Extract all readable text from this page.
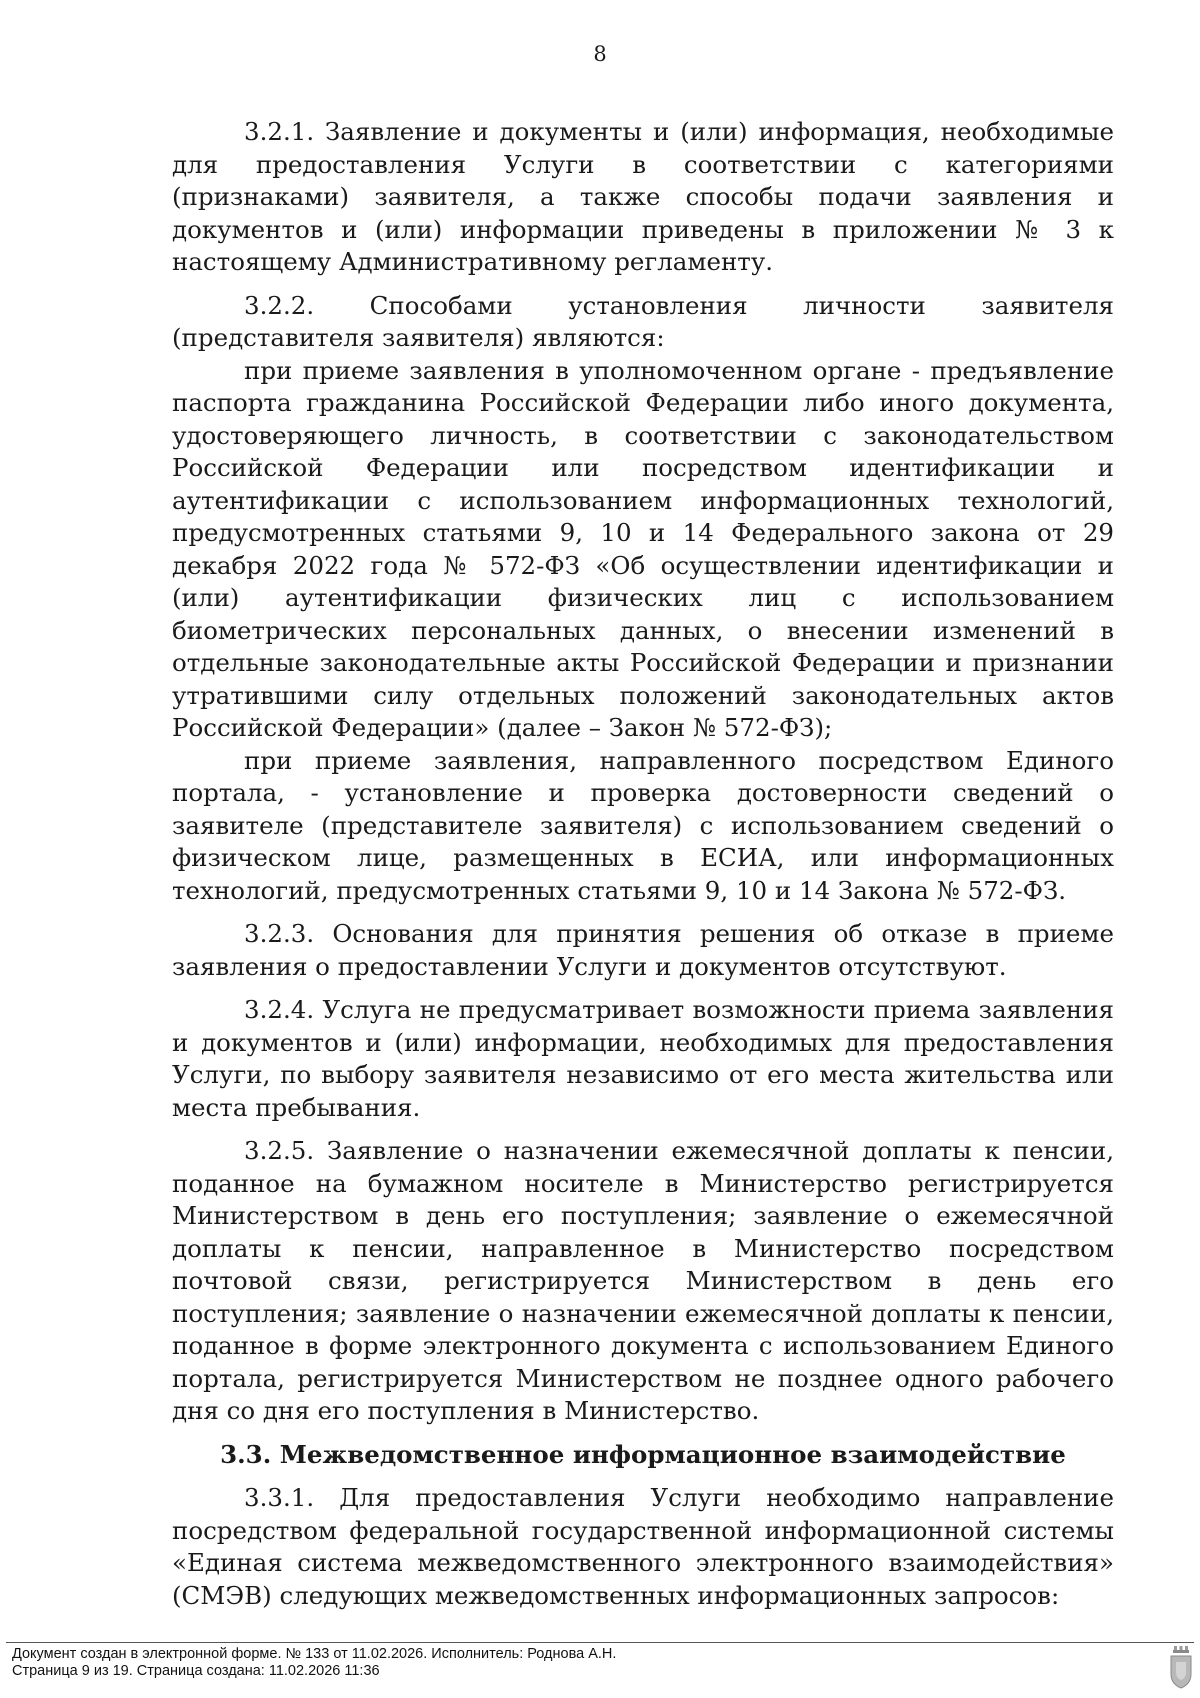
8

3.2.1. Заявление и документы и (или) информация, необходимые для предоставления Услуги в соответствии с категориями (признаками) заявителя, а также способы подачи заявления и документов и (или) информации приведены в приложении № 3 к настоящему Административному регламенту.

3.2.2. Способами установления личности заявителя (представителя заявителя) являются:

при приеме заявления в уполномоченном органе - предъявление паспорта гражданина Российской Федерации либо иного документа, удостоверяющего личность, в соответствии с законодательством Российской Федерации или посредством идентификации и аутентификации с использованием информационных технологий, предусмотренных статьями 9, 10 и 14 Федерального закона от 29 декабря 2022 года № 572-ФЗ «Об осуществлении идентификации и (или) аутентификации физических лиц с использованием биометрических персональных данных, о внесении изменений в отдельные законодательные акты Российской Федерации и признании утратившими силу отдельных положений законодательных актов Российской Федерации» (далее – Закон № 572-ФЗ);

при приеме заявления, направленного посредством Единого портала, - установление и проверка достоверности сведений о заявителе (представителе заявителя) с использованием сведений о физическом лице, размещенных в ЕСИА, или информационных технологий, предусмотренных статьями 9, 10 и 14 Закона № 572-ФЗ.

3.2.3. Основания для принятия решения об отказе в приеме заявления о предоставлении Услуги и документов отсутствуют.

3.2.4. Услуга не предусматривает возможности приема заявления и документов и (или) информации, необходимых для предоставления Услуги, по выбору заявителя независимо от его места жительства или места пребывания.

3.2.5. Заявление о назначении ежемесячной доплаты к пенсии, поданное на бумажном носителе в Министерство регистрируется Министерством в день его поступления; заявление о ежемесячной доплаты к пенсии, направленное в Министерство посредством почтовой связи, регистрируется Министерством в день его поступления; заявление о назначении ежемесячной доплаты к пенсии, поданное в форме электронного документа с использованием Единого портала, регистрируется Министерством не позднее одного рабочего дня со дня его поступления в Министерство.

3.3. Межведомственное информационное взаимодействие

3.3.1. Для предоставления Услуги необходимо направление посредством федеральной государственной информационной системы «Единая система межведомственного электронного взаимодействия» (СМЭВ) следующих межведомственных информационных запросов:

Документ создан в электронной форме. № 133 от 11.02.2026. Исполнитель: Роднова А.Н.
Страница 9 из 19. Страница создана: 11.02.2026 11:36
